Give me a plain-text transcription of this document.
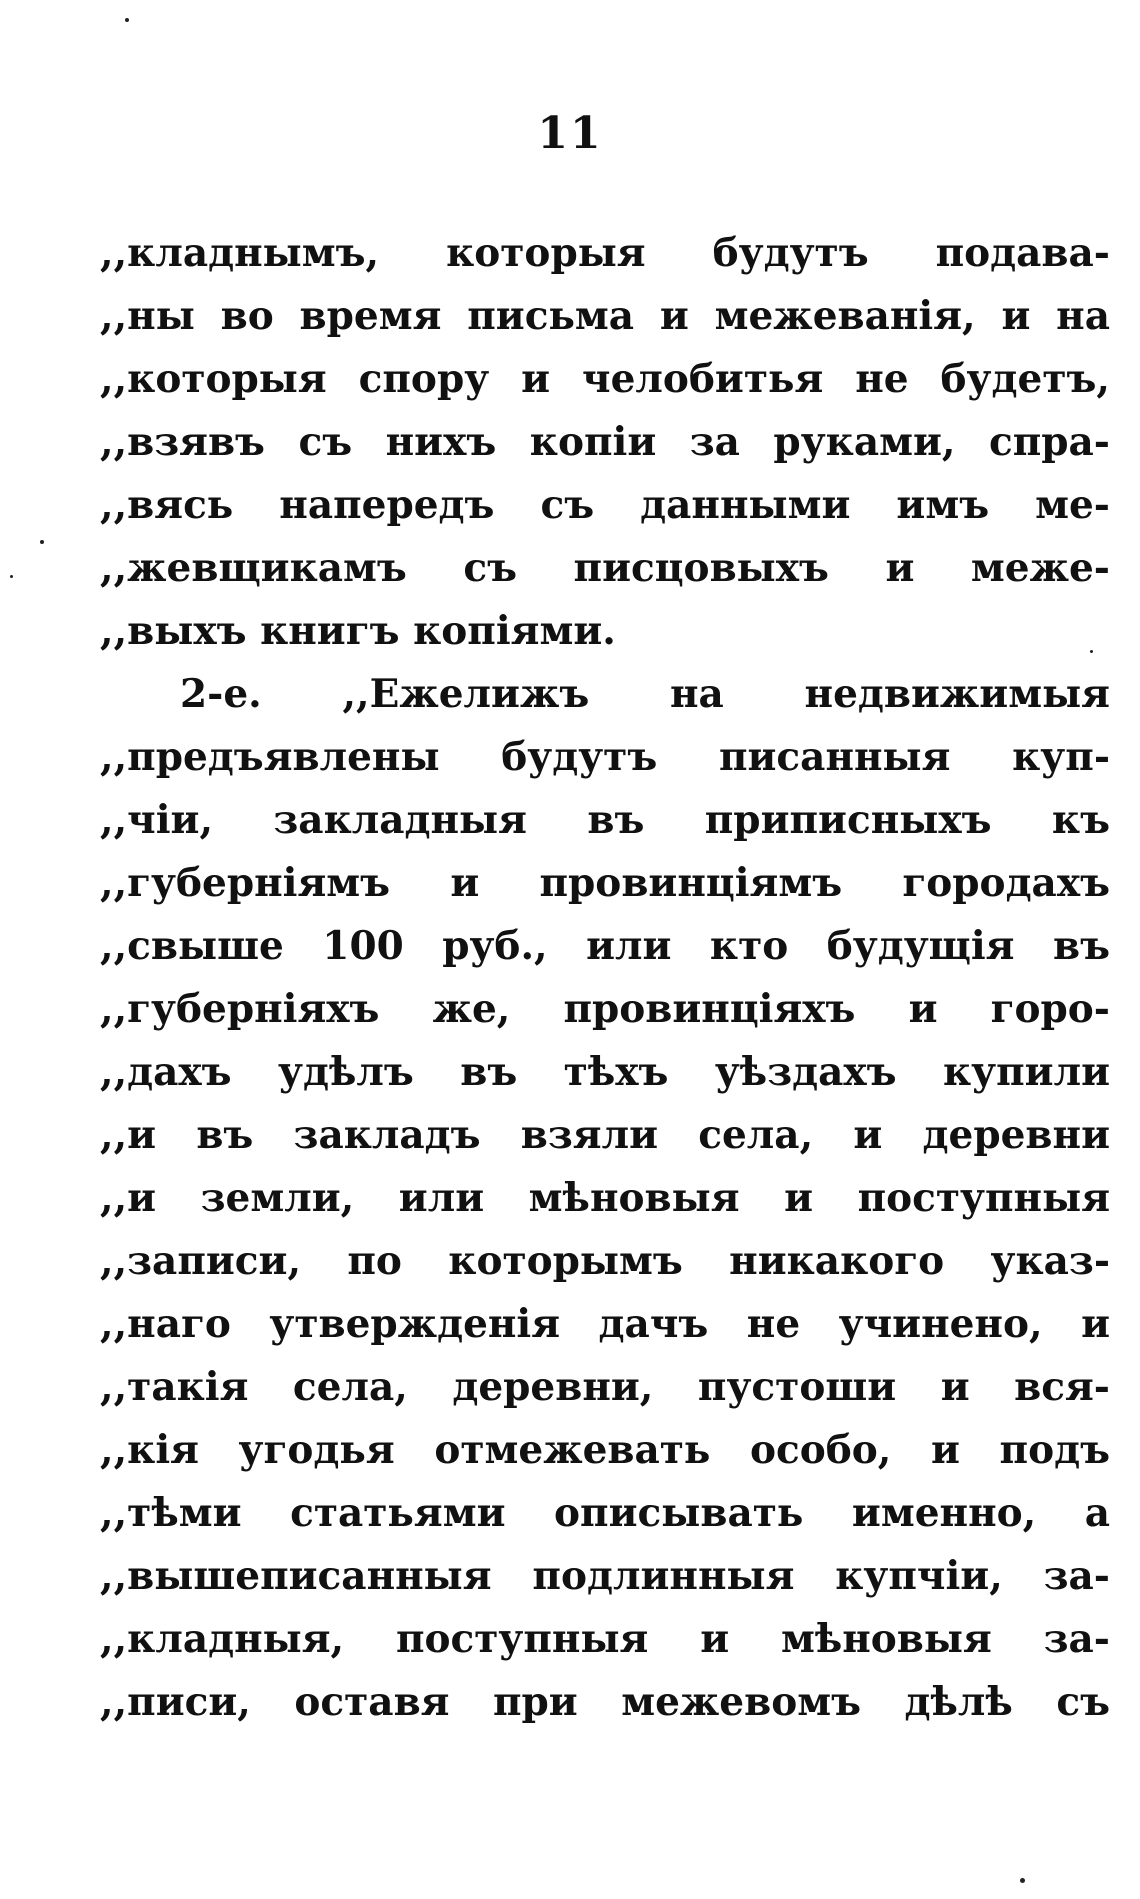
11
,,кладнымъ, которыя будутъ подава-
,,ны во время письма и межеванія, и на
,,которыя спору и челобитья не будетъ,
,,взявъ съ нихъ копіи за руками, спра-
,,вясь напередъ съ данными имъ ме-
,,жевщикамъ съ писцовыхъ и меже-
,,выхъ книгъ копіями.
2-е. ,,Ежелижъ на недвижимыя
,,предъявлены будутъ писанныя куп-
,,чіи, закладныя въ приписныхъ къ
,,губерніямъ и провинціямъ городахъ
,,свыше 100 руб., или кто будущія въ
,,губерніяхъ же, провинціяхъ и горо-
,,дахъ удѣлъ въ тѣхъ уѣздахъ купили
,,и въ закладъ взяли села, и деревни
,,и земли, или мѣновыя и поступныя
,,записи, по которымъ никакого указ-
,,наго утвержденія дачъ не учинено, и
,,такія села, деревни, пустоши и вся-
,,кія угодья отмежевать особо, и подъ
,,тѣми статьями описывать именно, а
,,вышеписанныя подлинныя купчіи, за-
,,кладныя, поступныя и мѣновыя за-
,,писи, оставя при межевомъ дѣлѣ съ
